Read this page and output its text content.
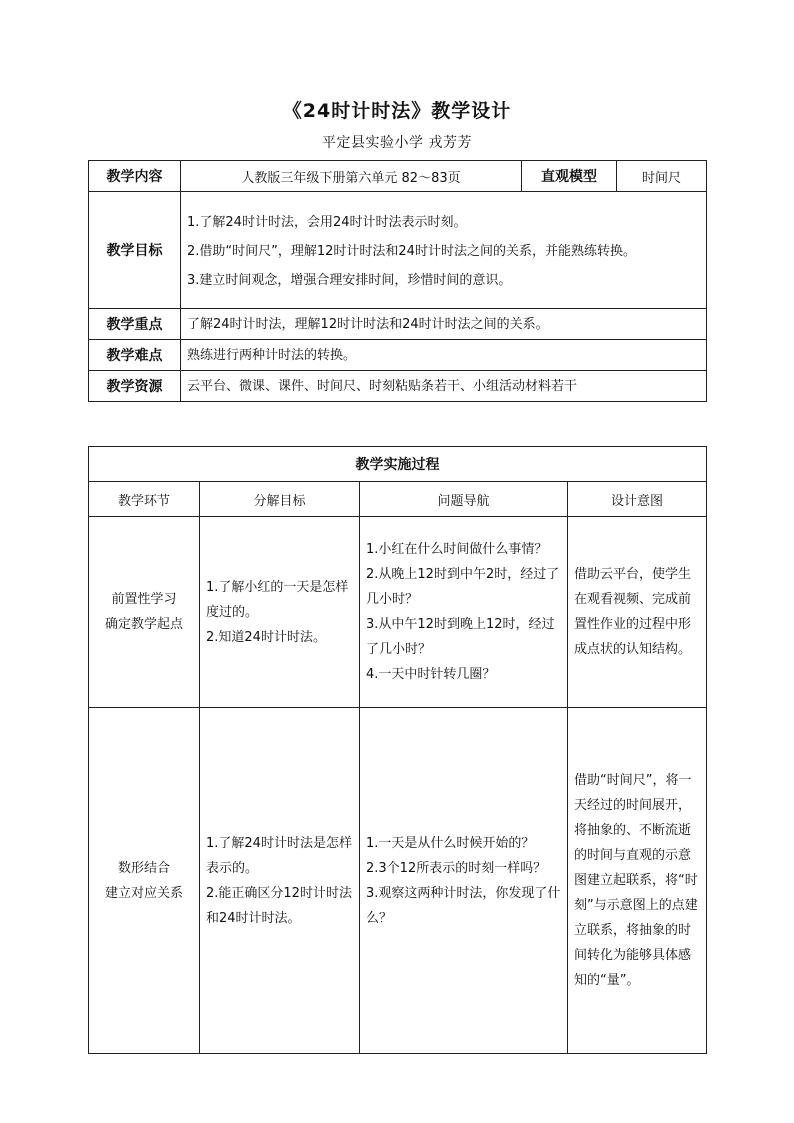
《24时计时法》教学设计
平定县实验小学 戎芳芳
教学内容	人教版三年级下册第六单元 82～83页	直观模型	时间尺
教学目标	1.了解24时计时法，会用24时计时法表示时刻。
2.借助“时间尺”，理解12时计时法和24时计时法之间的关系，并能熟练转换。
3.建立时间观念，增强合理安排时间，珍惜时间的意识。		

教学重点	了解24时计时法，理解12时计时法和24时计时法之间的关系。		
教学难点	熟练进行两种计时法的转换。		
教学资源	云平台、微课、课件、时间尺、时刻粘贴条若干、小组活动材料若干		
教学实施过程			
教学环节	分解目标	问题导航	设计意图

前置性学习
确定教学起点	1.了解小红的一天是怎样度过的。
2.知道24时计时法。	1.小红在什么时间做什么事情？
2.从晚上12时到中午2时，经过了几小时？
3.从中午12时到晚上12时，经过了几小时？
4.一天中时针转几圈？	借助云平台，使学生在观看视频、完成前置性作业的过程中形成点状的认知结构。

数形结合
建立对应关系	1.了解24时计时法是怎样表示的。
2.能正确区分12时计时法和24时计时法。	1.一天是从什么时候开始的？
2.3个12所表示的时刻一样吗？
3.观察这两种计时法，你发现了什么？	借助“时间尺”，将一天经过的时间展开，将抽象的、不断流逝的时间与直观的示意图建立起联系，将“时刻”与示意图上的点建立联系，将抽象的时间转化为能够具体感知的“量”。
